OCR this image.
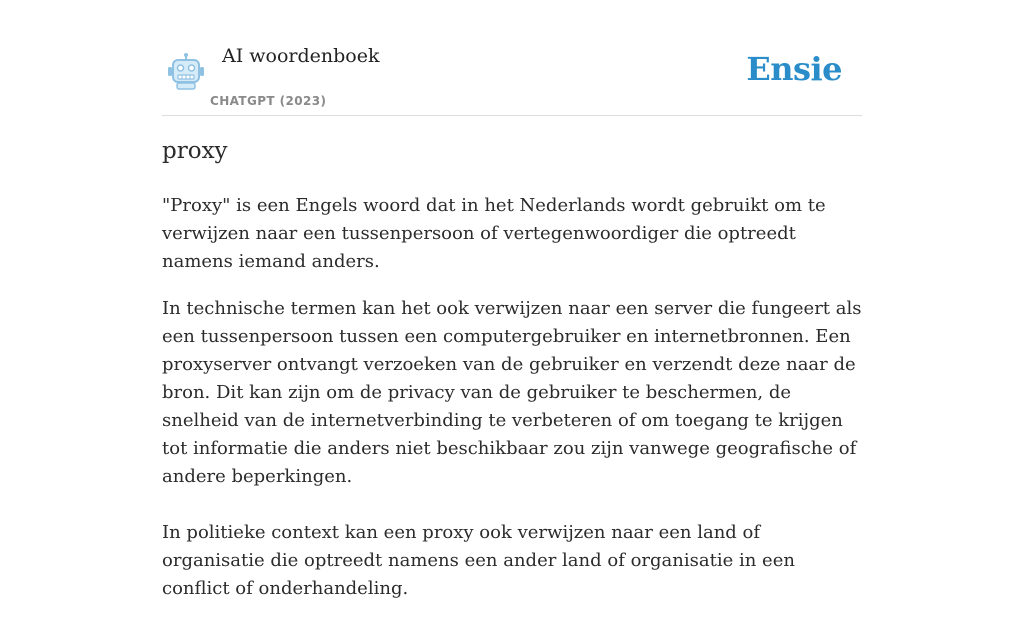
AI woordenboek
CHATGPT (2023)
Ensie
proxy

"Proxy" is een Engels woord dat in het Nederlands wordt gebruikt om te verwijzen naar een tussenpersoon of vertegenwoordiger die optreedt namens iemand anders.

In technische termen kan het ook verwijzen naar een server die fungeert als een tussenpersoon tussen een computergebruiker en internetbronnen. Een proxyserver ontvangt verzoeken van de gebruiker en verzendt deze naar de bron. Dit kan zijn om de privacy van de gebruiker te beschermen, de snelheid van de internetverbinding te verbeteren of om toegang te krijgen tot informatie die anders niet beschikbaar zou zijn vanwege geografische of andere beperkingen.

In politieke context kan een proxy ook verwijzen naar een land of organisatie die optreedt namens een ander land of organisatie in een conflict of onderhandeling.
